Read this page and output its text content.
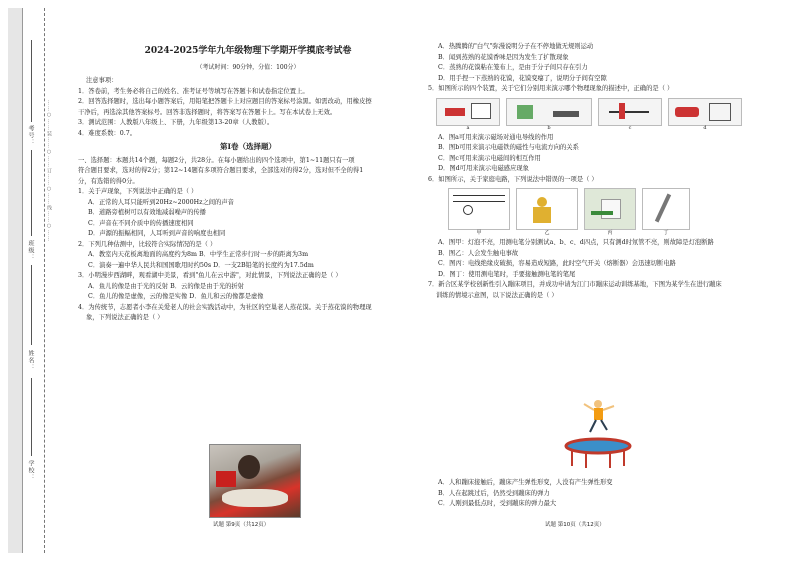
学校：
姓名：
班级：
考号： ……○……装……○……订……○……线……○……
2024-2025学年九年级物理下学期开学摸底考试卷
（考试时间：90分钟，分值：100分）

注意事项：

1．答卷前，考生务必将自己的姓名、准考证号等填写在答题卡和试卷指定位置上。

2．回答选择题时，选出每小题答案后，用铅笔把答题卡上对应题目的答案标号涂黑。如需改动，用橡皮擦

干净后，再选涂其他答案标号。回答非选择题时，将答案写在答题卡上。写在本试卷上无效。

3．测试范围：人教版八年级上、下册，九年级第13-20章（人教版）。

4．难度系数：0.7。

第Ⅰ卷（选择题）

一、选择题：本题共14个题，每题2分，共28分。在每小题给出的四个选项中，第1~11题只有一项

符合题目要求，选对的得2分；第12~14题有多项符合题目要求，全部选对的得2分，选对但不全的得1

分，有选错的得0分。

1．关于声现象，下列说法中正确的是（ ）

A．正常的人耳只能听到20Hz~2000Hz之间的声音

B．道路旁植树可以有效地减弱噪声的传播

C．声音在不同介质中的传播速度相同

D．声源的振幅相同，人耳听到声音的响度也相同

2．下列几种估测中，比较符合实际情况的是（ ）

A．教室内天花板离地面的高度约为8m B．中学生正常步行时一步的距离为3m

C．演奏一遍中华人民共和国国歌用时约50s D．一支2B铅笔的长度约为17.5dm

3．小明漫步西湖畔，观看湖中美景，看到"鱼儿在云中游"，对此情景，下列说法正确的是（ ）

A．鱼儿的像是由于光的反射 B．云的像是由于光的折射

C．鱼儿的像是虚像，云的像是实像 D．鱼儿和云的像都是虚像

4．为传统节，志愿者小李在关爱老人的社会实践活动中，为社区的空巢老人蒸花馍。关于蒸花馍的物理现

象，下列说法正确的是（ ）

试题 第9页（共12页）

A．热腾腾的"白气"弥漫说明分子在不停地做无规则运动

B．闻到蒸熟的花馍香味是因为发生了扩散现象

C．蒸熟的花馍粘在笼布上，是由于分子间只存在引力

D．用手捏一下蒸熟的花馍，花馍变瘪了，说明分子间有空隙

5．如图所示的四个装置，关于它们分别用来演示哪个物理现象的描述中，正确的是（ ）

a	b	c	d

A．图a可用来演示磁场对通电导线的作用

B．图b可用来演示电磁铁的磁性与电流方向的关系

C．图c可用来演示电磁间的相互作用

D．图d可用来演示电磁感应现象

6．如图所示，关于家庭电路，下列说法中错误的一项是（ ）

甲	乙	丙	丁

A．图甲：灯泡不亮，用测电笔分别测试a、b、c、d四点，只有测d时氖管不亮，则故障是灯泡断路

B．图乙：人会发生触电事故

C．图丙：电线绝缘皮破损，容易造成短路，此时空气开关（熔断器）会迅速切断电路

D．图丁：使用测电笔时，手要接触测电笔的笔尾

7．新合区某学校创新性引入蹦床项目，并成功申请为江门市蹦床运动训练基地，下图为某学生在进行蹦床

训练的情境示意图，以下说法正确的是（ ）

A．人和蹦床接触后，蹦床产生弹性形变，人没有产生弹性形变

B．人在起跳过后，仍然受到蹦床的弹力

C．人刚到最低点时，受到蹦床的弹力最大

试题 第10页（共12页）
